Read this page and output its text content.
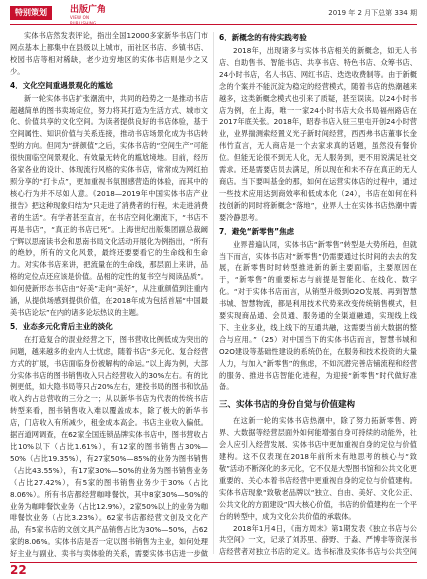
特别策划	出版广角
VIEW ON
2019 年 2 月下总第 334 期

实体书店然发表评论，指出全国12000多家新华书店门市网点基本上都集中在县级以上城市，而社区书店、乡镇书店、校园书店等相对稀缺，老少边穷地区的实体书店则是少之又少。

4．文化空间重遇景观化的尴尬

新一轮实体书店扩张潮流中，共同的趋势之一是推动书店超越简单的图书卖场定位，努力将其打造为生活方式、城市文化、价值共享的文化空间。为读者提供良好的书店体验，基于空间属性、知识价值与关系连接，推动书店场景化成为书店转型的方向。但同为“拼颜值”之后，实体书店的“空间生产”可能很快面临空间景观化、有效量无转化的尴尬境地。目前，经历各家各业的设计、体现流行风格的实体书店，常常成为网红拍照分享的“打卡点”，更加重视书氛围感营造的体验，而其中的核心行为并不尽如人意。《2018—2019年中国实体书店产业报告》把这种现象归结为“只走进了消费者的行程，未走进消费者的生活”。有学者甚至直言，在书店空间化潮流下，“书店不再是书店”，“真正的书店已死”。上海世纪出版集团副总裁阚宁辉以思南读书会和思南书局文化活动开展化为例指出，“所有的绝妙，所有的文化风景，最终还要要看它的生命线和生命力。对实体书店来讲，把流量在的生命线，那层面上来讲，品格的定位点还应该是价值。品相的定性的复书空与阅读品质”。如何使新形态书店由“好美”走向“美好”，从注重颜值到注重内涵，从提供场感到提供价值，在2018年成为包括首届“中国最美书店论坛”在内的诸多论坛热议的主题。

5．业态多元化背后主业的淡化

在打造复合的混业经营之下，图书营收比例低成为突出的问题，越来越多的业内人士忧虑，随着书店“多元化、复合经营方式的扩展，书店面临身份被解构的命运。”以上海为例，大部分实体书店的图书销售收入只占经营收入的30%左右。有的比例更低，如大隐书局等只占20%左右，建投书局的图书和饮品收入约占总营收的三分之一；从以新华书店为代表的传统书店转型来看，图书销售收入难以覆盖成本，除了极大的新华书店，门店收入有所减少，租金成本高企。书店主业收入偏低。据百道网调查，在62家全国连锁品牌实体书店中，图书营收占比10%以下（占比1.61%），有12家的图书销售占30%—50%（占比19.35%），有27家50%—85%的业务为图书销售（占比43.55%），有17家30%—50%的业务为图书销售业务（占比27.42%），有5家的图书销售业务少于30%（占比8.06%）。所有书店都经营咖啡餐饮，其中8家30%—50%的业务为咖啡餐饮业务（占比12.9%），2家50%以上的业务为咖啡餐饮业务（占比3.23%）。62家书店都经营文创及文化产品，有5家书店的文创文具产品销售占比为30%—50%，占62家的8.06%。实体书店是否一定以图书销售为主业，如何处理好主业与副业、卖书与卖体验的关系，需要实体书店进一步做

6．新概念的有待实践考验

2018年，出现诸多与实体书店相关的新概念，如无人书店、自助售书、智能书店、共享书店、特色书店、众筹书店、24小时书店，名人书店、网红书店、迭迭收费制等。由于新概念的个案并不能沉淀为稳定的经营模式，随着书店的热潮越来越多，这类新概念模式也引来了质疑，甚至误读。以24小时书店为例，在上海，唯一一家24小时书店大众书局福州路店在2017年底关张。2018年，昭春书店入驻三里屯开创24小时营业，业界揣测索经置义光子新时间经营，西西弗书店董事长金伟竹直言，无人商店是一个去家求真的话题，虽然没有餐价位。但能无论很不到无人化，无人服务到，更不用说满足社交需求。还是需要店员去满足，所以现在和未不存在真正的无人商店。当下要叫基金的那，如何在运营实体店的过程中，通过一些技术应用达到商效率和低成本化（24），书店在如何在科技创新的同时将新概念“落地”，业界人士在实体书店热潮中需要冷静思考。

7．避免“新零售”焦虑

业界普遍认同，实体书店“新零售”转型是大势所趋，但就当下而言，实体书店对“新零售”仍需要通过长时间的去去的发展，在新零售时时转型推进新的新主要面临，主要原因在于，“新零售”的重要标志与前提是智能化、在线化、数字化。“对于实体书店而言，从销型升级到O2O发展、再到智慧书城、智慧物流，都是利用技术代势来改变传统销售模式，但要实现商品通、会员通、服务通的全渠道融通，实现线上线下、主业多业，线上线下的互通共融，这需要当前大数据的整合与应用。”（25）对中国当下的实体书店而言，智慧书城和O2O建设等基础性建设的系统仍在，在服务和技术投资的大量人力，与加入“新零售”的焦虑，不如沉潜完善店铺流程和经营的服务、推进书店智能化进程，为迎接“新零售”时代做好准备。

三、实体书店的身份自觉与价值建构

在这新一轮的实体书店热潮中，除了努力拓新零售、跨界、大数据等经营层面外如何能增强自身可持续的动能外，社会人应引入经营发展、实体书店中更加重视自身的定位与价值建构。这不仅表现在2018年前所未有地思考的核心与“致敬”活动不断深化的多元化，它不仅是大型图书馆和公共文化更重要的、关心本着书店经营中更重视自身的定位与价值建构。实体书店现象“致敬老品牌以“独立、自由、美好、文化公正、公共文化的方面建设”四大核心价值，书店的价值建构在一个平台的转型中，成为文化公共价值的承载体。

2018年1月4日，《南方周末》第1期发表《独立书店与公共空间》一文，记录了刘苏里、薛野、于淼、严博非等资深书店经营者对独立书店的定义。选书标准及实体书店与公共空间

22
